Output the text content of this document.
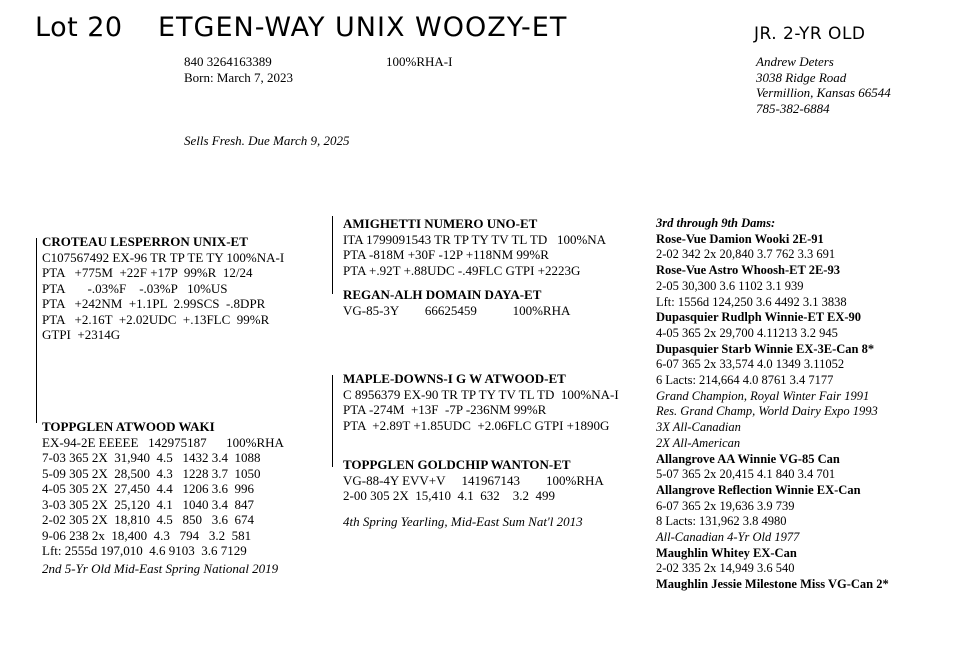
Lot 20 ETGEN-WAY UNIX WOOZY-ET	JR. 2-YR OLD
840 3264163389	100%RHA-I
Born: March 7, 2023
Sells Fresh. Due March 9, 2025
Andrew Deters
3038 Ridge Road
Vermillion, Kansas 66544
785-382-6884
CROTEAU LESPERRON UNIX-ET
C107567492 EX-96 TR TP TE TY 100%NA-I
PTA   +775M  +22F +17P  99%R  12/24
PTA       -.03%F    -.03%P   10%US
PTA   +242NM  +1.1PL  2.99SCS  -.8DPR
PTA   +2.16T  +2.02UDC  +.13FLC  99%R
GTPI  +2314G
AMIGHETTI NUMERO UNO-ET
ITA 1799091543 TR TP TY TV TL TD   100%NA
PTA -818M +30F -12P +118NM 99%R
PTA +.92T +.88UDC -.49FLC GTPI +2223G
REGAN-ALH DOMAIN DAYA-ET
VG-85-3Y        66625459           100%RHA
TOPPGLEN ATWOOD WAKI
EX-94-2E EEEEE   142975187      100%RHA
7-03 365 2X  31,940  4.5   1432 3.4  1088
5-09 305 2X  28,500  4.3   1228 3.7  1050
4-05 305 2X  27,450  4.4   1206 3.6  996
3-03 305 2X  25,120  4.1   1040 3.4  847
2-02 305 2X  18,810  4.5   850   3.6  674
9-06 238 2x  18,400  4.3   794   3.2  581
Lft: 2555d 197,010  4.6 9103  3.6 7129
2nd 5-Yr Old Mid-East Spring National 2019
MAPLE-DOWNS-I G W ATWOOD-ET
C 8956379 EX-90 TR TP TY TV TL TD  100%NA-I
PTA -274M  +13F  -7P -236NM 99%R
PTA  +2.89T +1.85UDC  +2.06FLC GTPI +1890G
TOPPGLEN GOLDCHIP WANTON-ET
VG-88-4Y EVV+V     141967143        100%RHA
2-00 305 2X  15,410  4.1  632    3.2  499
4th Spring Yearling, Mid-East Sum Nat'l 2013
3rd through 9th Dams:
Rose-Vue Damion Wooki 2E-91
2-02 342 2x 20,840 3.7 762 3.3 691
Rose-Vue Astro Whoosh-ET 2E-93
2-05 30,300 3.6 1102 3.1 939
Lft: 1556d 124,250 3.6 4492 3.1 3838
Dupasquier Rudlph Winnie-ET EX-90
4-05 365 2x 29,700 4.11213 3.2 945
Dupasquier Starb Winnie EX-3E-Can 8*
6-07 365 2x 33,574 4.0 1349 3.11052
6 Lacts: 214,664 4.0 8761 3.4 7177
Grand Champion, Royal Winter Fair 1991
Res. Grand Champ, World Dairy Expo 1993
3X All-Canadian
2X All-American
Allangrove AA Winnie VG-85 Can
5-07 365 2x 20,415 4.1 840 3.4 701
Allangrove Reflection Winnie EX-Can
6-07 365 2x 19,636 3.9 739
8 Lacts: 131,962 3.8 4980
All-Canadian 4-Yr Old 1977
Maughlin Whitey EX-Can
2-02 335 2x 14,949 3.6 540
Maughlin Jessie Milestone Miss VG-Can 2*
